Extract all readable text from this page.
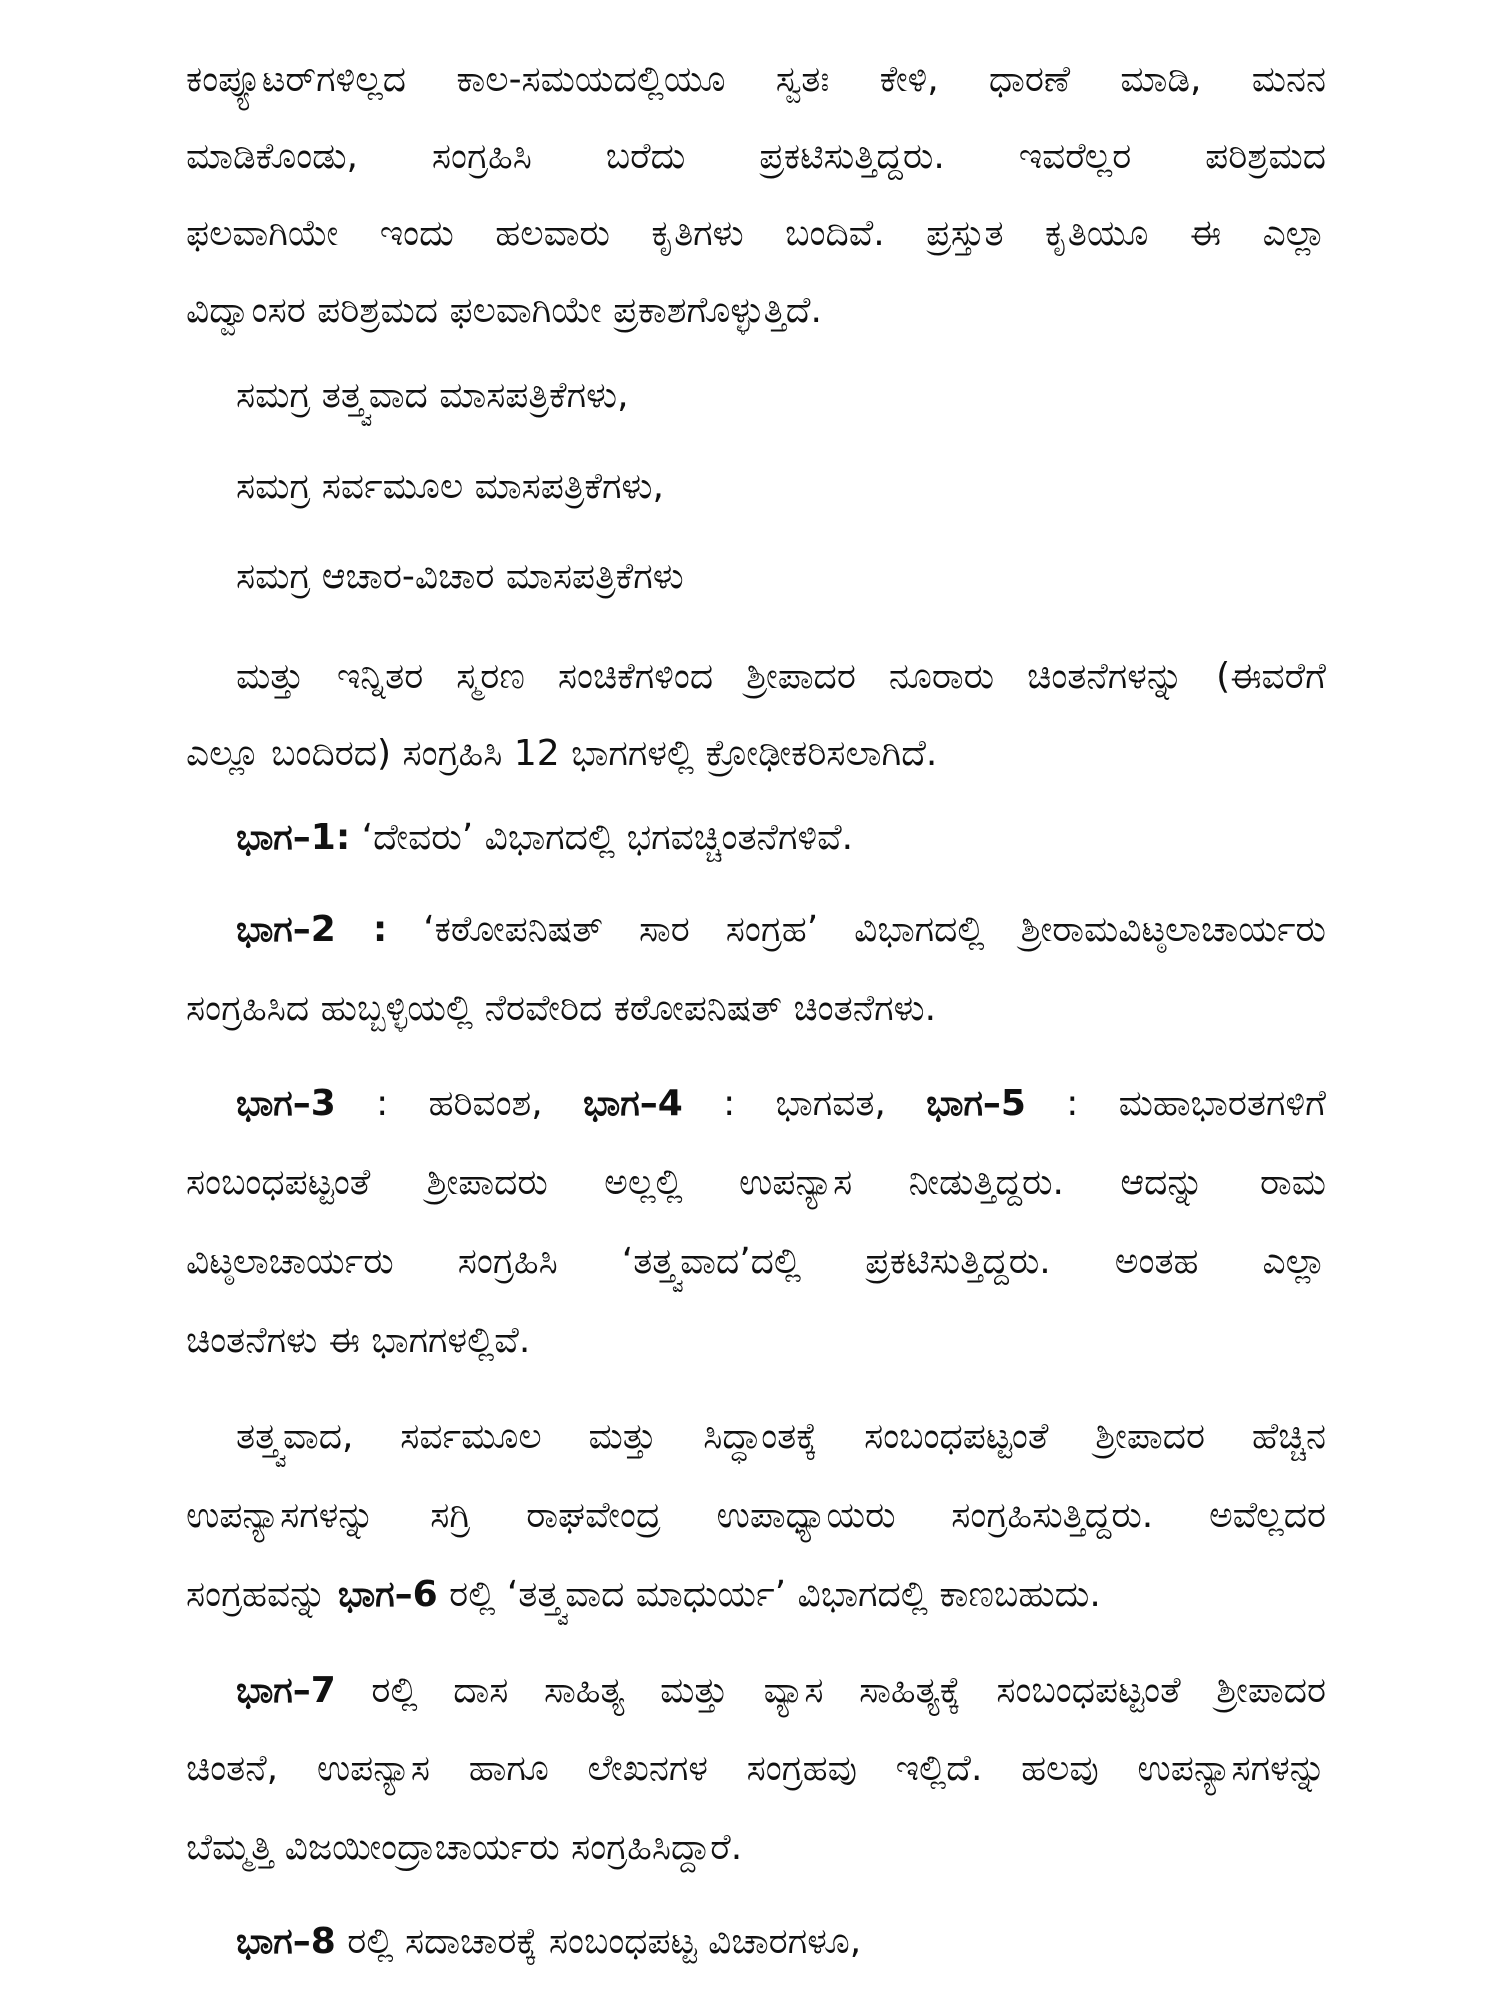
ಕಂಪ್ಯೂಟರ್‌ಗಳಿಲ್ಲದ ಕಾಲ-ಸಮಯದಲ್ಲಿಯೂ ಸ್ವತಃ ಕೇಳಿ, ಧಾರಣೆ ಮಾಡಿ, ಮನನ
ಮಾಡಿಕೊಂಡು, ಸಂಗ್ರಹಿಸಿ ಬರೆದು ಪ್ರಕಟಿಸುತ್ತಿದ್ದರು. ಇವರೆಲ್ಲರ ಪರಿಶ್ರಮದ
ಫಲವಾಗಿಯೇ ಇಂದು ಹಲವಾರು ಕೃತಿಗಳು ಬಂದಿವೆ. ಪ್ರಸ್ತುತ ಕೃತಿಯೂ ಈ ಎಲ್ಲಾ
ವಿದ್ವಾಂಸರ ಪರಿಶ್ರಮದ ಫಲವಾಗಿಯೇ ಪ್ರಕಾಶಗೊಳ್ಳುತ್ತಿದೆ.
ಸಮಗ್ರ ತತ್ತ್ವವಾದ ಮಾಸಪತ್ರಿಕೆಗಳು,
ಸಮಗ್ರ ಸರ್ವಮೂಲ ಮಾಸಪತ್ರಿಕೆಗಳು,
ಸಮಗ್ರ ಆಚಾರ-ವಿಚಾರ ಮಾಸಪತ್ರಿಕೆಗಳು
ಮತ್ತು ಇನ್ನಿತರ ಸ್ಮರಣ ಸಂಚಿಕೆಗಳಿಂದ ಶ್ರೀಪಾದರ ನೂರಾರು ಚಿಂತನೆಗಳನ್ನು (ಈವರೆಗೆ
ಎಲ್ಲೂ ಬಂದಿರದ) ಸಂಗ್ರಹಿಸಿ 12 ಭಾಗಗಳಲ್ಲಿ ಕ್ರೋಢೀಕರಿಸಲಾಗಿದೆ.
ಭಾಗ–1: ‘ದೇವರು’ ವಿಭಾಗದಲ್ಲಿ ಭಗವಚ್ಚಿಂತನೆಗಳಿವೆ.
ಭಾಗ–2 : ‘ಕಠೋಪನಿಷತ್ ಸಾರ ಸಂಗ್ರಹ’ ವಿಭಾಗದಲ್ಲಿ ಶ್ರೀರಾಮವಿಟ್ಠಲಾಚಾರ್ಯರು
ಸಂಗ್ರಹಿಸಿದ ಹುಬ್ಬಳ್ಳಿಯಲ್ಲಿ ನೆರವೇರಿದ ಕಠೋಪನಿಷತ್ ಚಿಂತನೆಗಳು.
ಭಾಗ–3 : ಹರಿವಂಶ, ಭಾಗ–4 : ಭಾಗವತ, ಭಾಗ–5 : ಮಹಾಭಾರತಗಳಿಗೆ
ಸಂಬಂಧಪಟ್ಟಂತೆ ಶ್ರೀಪಾದರು ಅಲ್ಲಲ್ಲಿ ಉಪನ್ಯಾಸ ನೀಡುತ್ತಿದ್ದರು. ಆದನ್ನು ರಾಮ
ವಿಟ್ಠಲಾಚಾರ್ಯರು ಸಂಗ್ರಹಿಸಿ ‘ತತ್ತ್ವವಾದ’ದಲ್ಲಿ ಪ್ರಕಟಿಸುತ್ತಿದ್ದರು. ಅಂತಹ ಎಲ್ಲಾ
ಚಿಂತನೆಗಳು ಈ ಭಾಗಗಳಲ್ಲಿವೆ.
ತತ್ತ್ವವಾದ, ಸರ್ವಮೂಲ ಮತ್ತು ಸಿದ್ಧಾಂತಕ್ಕೆ ಸಂಬಂಧಪಟ್ಟಂತೆ ಶ್ರೀಪಾದರ ಹೆಚ್ಚಿನ
ಉಪನ್ಯಾಸಗಳನ್ನು ಸಗ್ರಿ ರಾಘವೇಂದ್ರ ಉಪಾಧ್ಯಾಯರು ಸಂಗ್ರಹಿಸುತ್ತಿದ್ದರು. ಅವೆಲ್ಲದರ
ಸಂಗ್ರಹವನ್ನು ಭಾಗ–6 ರಲ್ಲಿ ‘ತತ್ತ್ವವಾದ ಮಾಧುರ್ಯ’ ವಿಭಾಗದಲ್ಲಿ ಕಾಣಬಹುದು.
ಭಾಗ–7 ರಲ್ಲಿ ದಾಸ ಸಾಹಿತ್ಯ ಮತ್ತು ವ್ಯಾಸ ಸಾಹಿತ್ಯಕ್ಕೆ ಸಂಬಂಧಪಟ್ಟಂತೆ ಶ್ರೀಪಾದರ
ಚಿಂತನೆ, ಉಪನ್ಯಾಸ ಹಾಗೂ ಲೇಖನಗಳ ಸಂಗ್ರಹವು ಇಲ್ಲಿದೆ. ಹಲವು ಉಪನ್ಯಾಸಗಳನ್ನು
ಬೆಮ್ಮತ್ತಿ ವಿಜಯೀಂದ್ರಾಚಾರ್ಯರು ಸಂಗ್ರಹಿಸಿದ್ದಾರೆ.
ಭಾಗ–8 ರಲ್ಲಿ ಸದಾಚಾರಕ್ಕೆ ಸಂಬಂಧಪಟ್ಟ ವಿಚಾರಗಳೂ,
